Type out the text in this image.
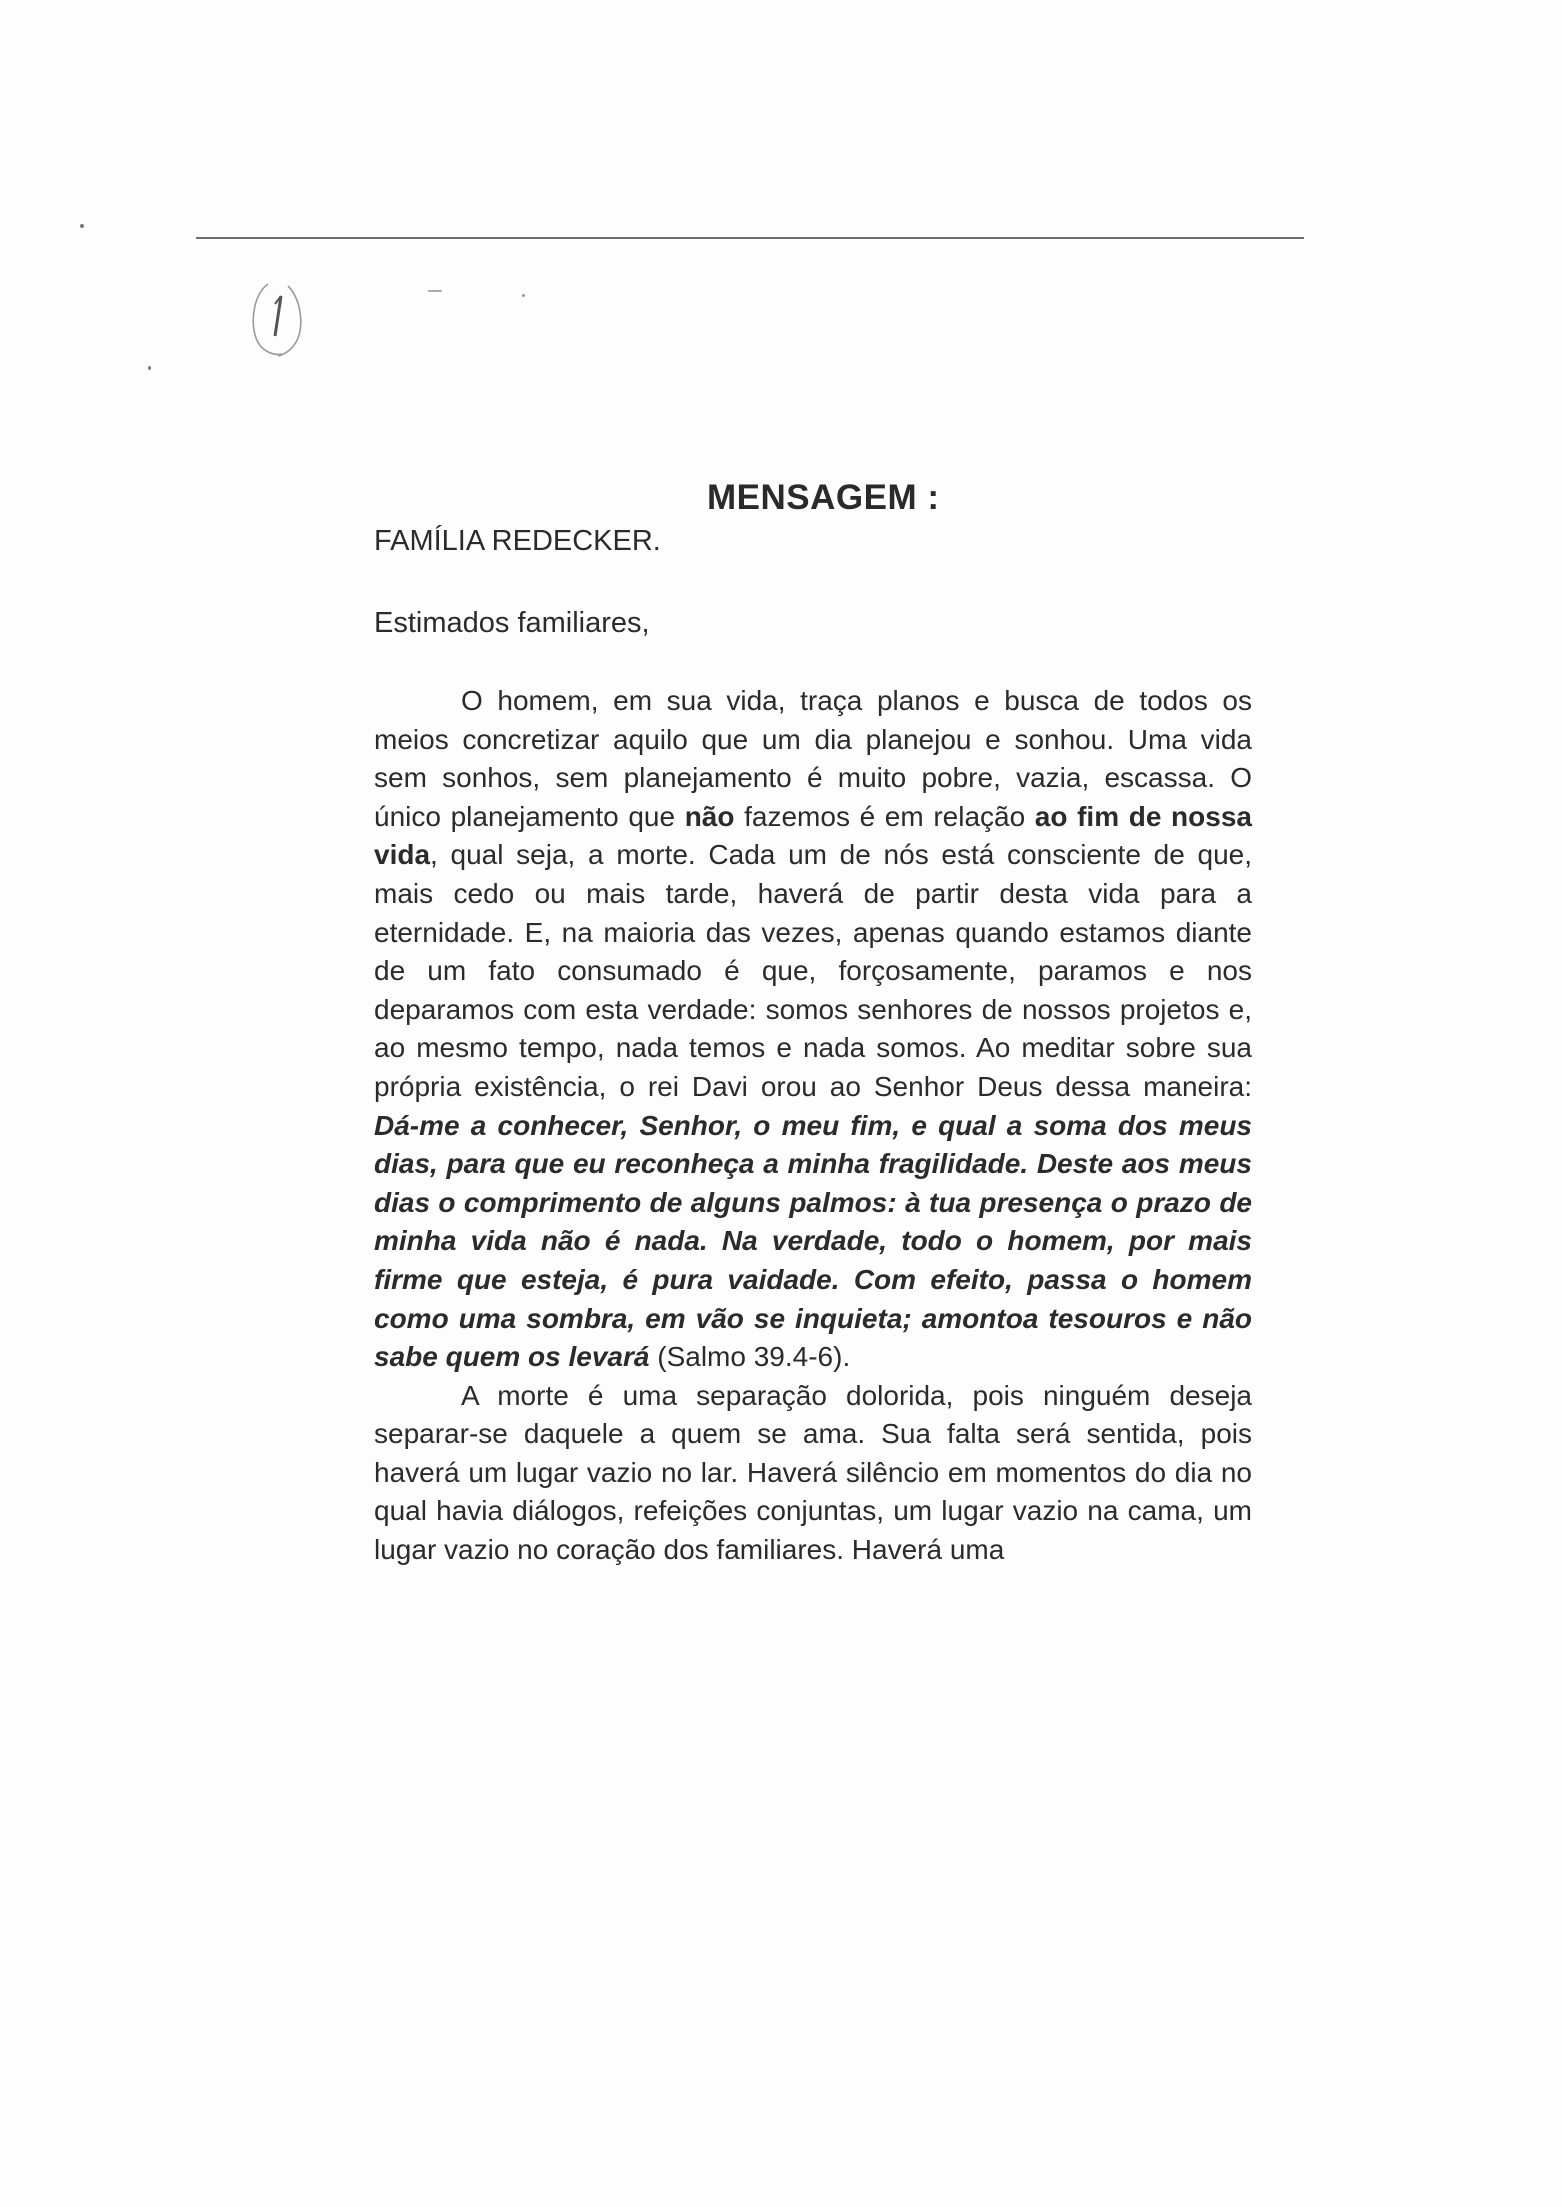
MENSAGEM :

FAMÍLIA REDECKER.

Estimados familiares,

O homem, em sua vida, traça planos e busca de todos os meios concretizar aquilo que um dia planejou e sonhou. Uma vida sem sonhos, sem planejamento é muito pobre, vazia, escassa. O único planejamento que não fazemos é em relação ao fim de nossa vida, qual seja, a morte. Cada um de nós está consciente de que, mais cedo ou mais tarde, haverá de partir desta vida para a eternidade. E, na maioria das vezes, apenas quando estamos diante de um fato consumado é que, forçosamente, paramos e nos deparamos com esta verdade: somos senhores de nossos projetos e, ao mesmo tempo, nada temos e nada somos. Ao meditar sobre sua própria existência, o rei Davi orou ao Senhor Deus dessa maneira: Dá-me a conhecer, Senhor, o meu fim, e qual a soma dos meus dias, para que eu reconheça a minha fragilidade. Deste aos meus dias o comprimento de alguns palmos: à tua presença o prazo de minha vida não é nada. Na verdade, todo o homem, por mais firme que esteja, é pura vaidade. Com efeito, passa o homem como uma sombra, em vão se inquieta; amontoa tesouros e não sabe quem os levará (Salmo 39.4-6).

A morte é uma separação dolorida, pois ninguém deseja separar-se daquele a quem se ama. Sua falta será sentida, pois haverá um lugar vazio no lar. Haverá silêncio em momentos do dia no qual havia diálogos, refeições conjuntas, um lugar vazio na cama, um lugar vazio no coração dos familiares. Haverá uma
